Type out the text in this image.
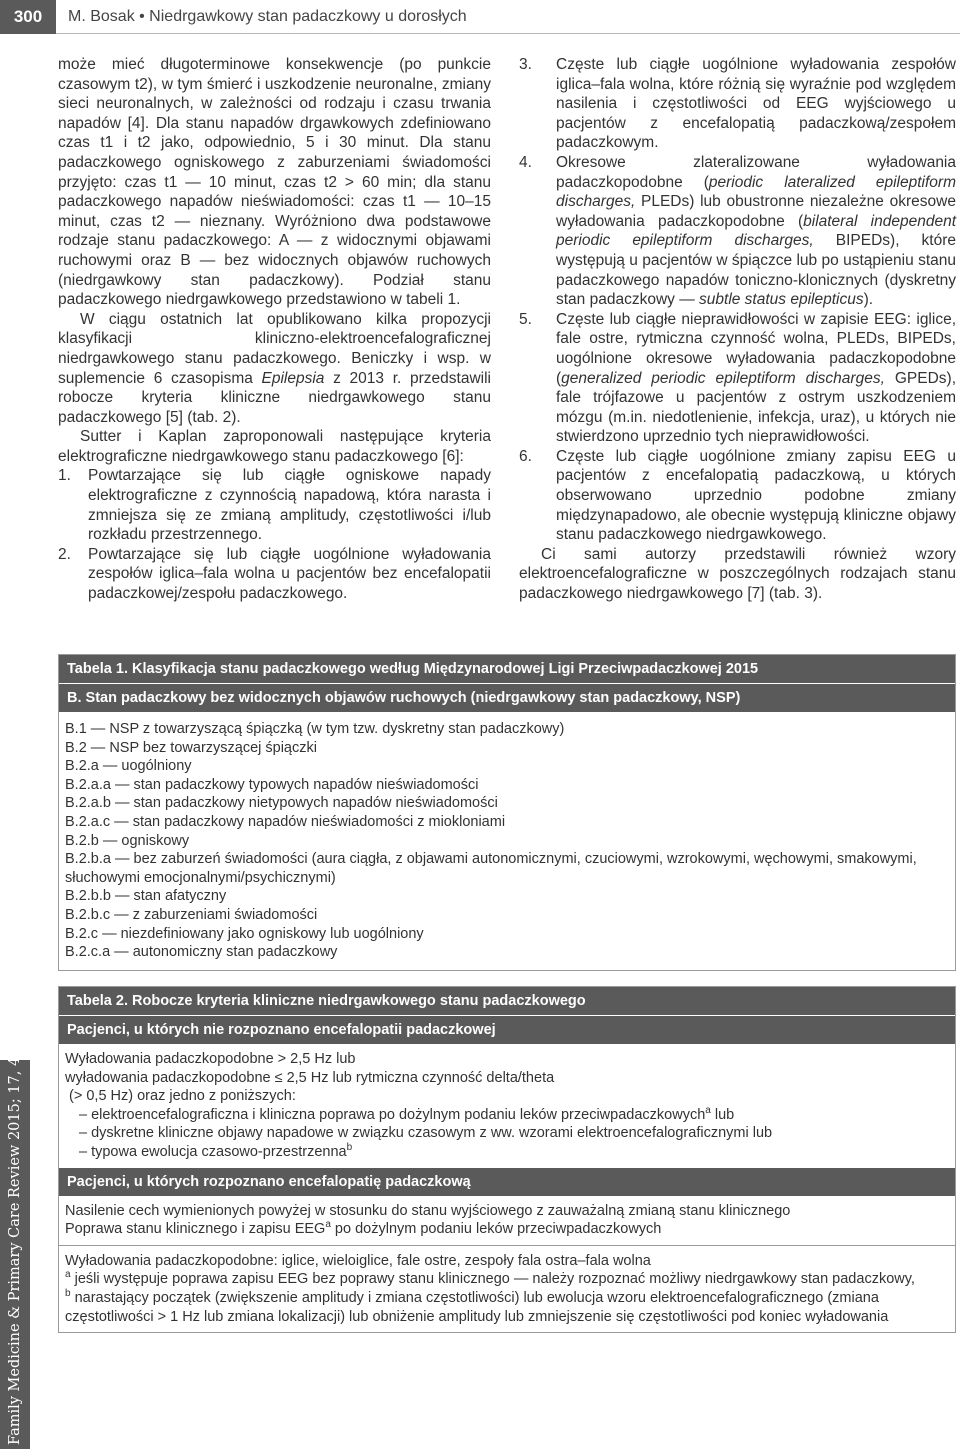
300	M. Bosak • Niedrgawkowy stan padaczkowy u dorosłych
Family Medicine & Primary Care Review 2015; 17, 4

może mieć długoterminowe konsekwencje (po punkcie czasowym t2), w tym śmierć i uszkodzenie neuronalne, zmiany sieci neuronalnych, w zależności od rodzaju i czasu trwania napadów [4]. Dla stanu napadów drgawkowych zdefiniowano czas t1 i t2 jako, odpowiednio, 5 i 30 minut. Dla stanu padaczkowego ogniskowego z zaburzeniami świadomości przyjęto: czas t1 — 10 minut, czas t2 > 60 min; dla stanu padaczkowego napadów nieświadomości: czas t1 — 10–15 minut, czas t2 — nieznany. Wyróżniono dwa podstawowe rodzaje stanu padaczkowego: A — z widocznymi objawami ruchowymi oraz B — bez widocznych objawów ruchowych (niedrgawkowy stan padaczkowy). Podział stanu padaczkowego niedrgawkowego przedstawiono w tabeli 1.

W ciągu ostatnich lat opublikowano kilka propozycji klasyfikacji kliniczno-elektroencefalograficznej niedrgawkowego stanu padaczkowego. Beniczky i wsp. w suplemencie 6 czasopisma Epilepsia z 2013 r. przedstawili robocze kryteria kliniczne niedrgawkowego stanu padaczkowego [5] (tab. 2).

Sutter i Kaplan zaproponowali następujące kryteria elektrograficzne niedrgawkowego stanu padaczkowego [6]:

1.	Powtarzające się lub ciągłe ogniskowe napady elektrograficzne z czynnością napadową, która narasta i zmniejsza się ze zmianą amplitudy, częstotliwości i/lub rozkładu przestrzennego.
2.	Powtarzające się lub ciągłe uogólnione wyładowania zespołów iglica–fala wolna u pacjentów bez encefalopatii padaczkowej/zespołu padaczkowego.
3.	Częste lub ciągłe uogólnione wyładowania zespołów iglica–fala wolna, które różnią się wyraźnie pod względem nasilenia i częstotliwości od EEG wyjściowego u pacjentów z encefalopatią padaczkową/zespołem padaczkowym.
4.	Okresowe zlateralizowane wyładowania padaczkopodobne (periodic lateralized epileptiform discharges, PLEDs) lub obustronne niezależne okresowe wyładowania padaczkopodobne (bilateral independent periodic epileptiform discharges, BIPEDs), które występują u pacjentów w śpiączce lub po ustąpieniu stanu padaczkowego napadów toniczno-klonicznych (dyskretny stan padaczkowy — subtle status epilepticus).
5.	Częste lub ciągłe nieprawidłowości w zapisie EEG: iglice, fale ostre, rytmiczna czynność wolna, PLEDs, BIPEDs, uogólnione okresowe wyładowania padaczkopodobne (generalized periodic epileptiform discharges, GPEDs), fale trójfazowe u pacjentów z ostrym uszkodzeniem mózgu (m.in. niedotlenienie, infekcja, uraz), u których nie stwierdzono uprzednio tych nieprawidłowości.
6.	Częste lub ciągłe uogólnione zmiany zapisu EEG u pacjentów z encefalopatią padaczkową, u których obserwowano uprzednio podobne zmiany międzynapadowo, ale obecnie występują kliniczne objawy stanu padaczkowego niedrgawkowego.

Ci sami autorzy przedstawili również wzory elektroencefalograficzne w poszczególnych rodzajach stanu padaczkowego niedrgawkowego [7] (tab. 3).

Tabela 1. Klasyfikacja stanu padaczkowego według Międzynarodowej Ligi Przeciwpadaczkowej 2015
B. Stan padaczkowy bez widocznych objawów ruchowych (niedrgawkowy stan padaczkowy, NSP)
B.1 — NSP z towarzyszącą śpiączką (w tym tzw. dyskretny stan padaczkowy)
B.2 — NSP bez towarzyszącej śpiączki
B.2.a — uogólniony
B.2.a.a — stan padaczkowy typowych napadów nieświadomości
B.2.a.b — stan padaczkowy nietypowych napadów nieświadomości
B.2.a.c — stan padaczkowy napadów nieświadomości z miokloniami
B.2.b — ogniskowy
B.2.b.a — bez zaburzeń świadomości (aura ciągła, z objawami autonomicznymi, czuciowymi, wzrokowymi, węchowymi, smakowymi, słuchowymi emocjonalnymi/psychicznymi)
B.2.b.b — stan afatyczny
B.2.b.c — z zaburzeniami świadomości
B.2.c — niezdefiniowany jako ogniskowy lub uogólniony
B.2.c.a — autonomiczny stan padaczkowy
Tabela 2. Robocze kryteria kliniczne niedrgawkowego stanu padaczkowego
Pacjenci, u których nie rozpoznano encefalopatii padaczkowej
Wyładowania padaczkopodobne > 2,5 Hz lub
wyładowania padaczkopodobne ≤ 2,5 Hz lub rytmiczna czynność delta/theta
(> 0,5 Hz) oraz jedno z poniższych:
– elektroencefalograficzna i kliniczna poprawa po dożylnym podaniu leków przeciwpadaczkowych$^a$ lub
– dyskretne kliniczne objawy napadowe w związku czasowym z ww. wzorami elektroencefalograficznymi lub
– typowa ewolucja czasowo-przestrzenna$^b$
Pacjenci, u których rozpoznano encefalopatię padaczkową
Nasilenie cech wymienionych powyżej w stosunku do stanu wyjściowego z zauważalną zmianą stanu klinicznego
Poprawa stanu klinicznego i zapisu EEG$^a$ po dożylnym podaniu leków przeciwpadaczkowych
Wyładowania padaczkopodobne: iglice, wieloiglice, fale ostre, zespoły fala ostra–fala wolna
$^a$ jeśli występuje poprawa zapisu EEG bez poprawy stanu klinicznego — należy rozpoznać możliwy niedrgawkowy stan padaczkowy,
$^b$ narastający początek (zwiększenie amplitudy i zmiana częstotliwości) lub ewolucja wzoru elektroencefalograficznego (zmiana częstotliwości > 1 Hz lub zmiana lokalizacji) lub obniżenie amplitudy lub zmniejszenie się częstotliwości pod koniec wyładowania
